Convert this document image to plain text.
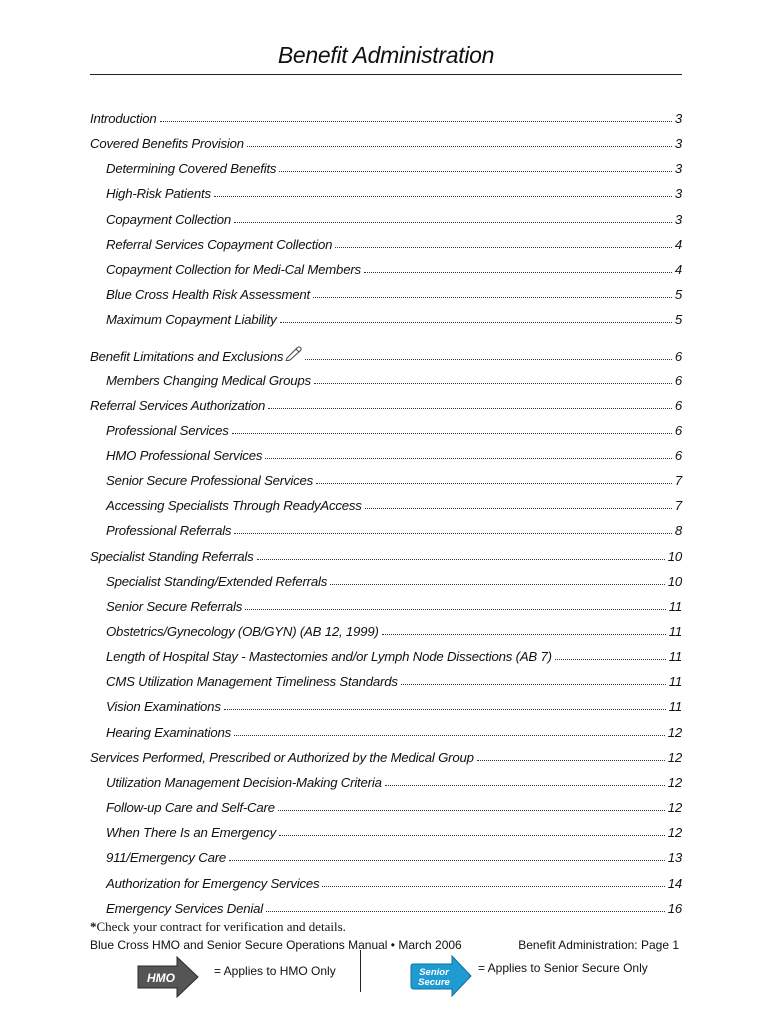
Benefit Administration
Introduction	3
Covered Benefits Provision	3
Determining Covered Benefits	3
High-Risk Patients	3
Copayment Collection	3
Referral Services Copayment Collection	4
Copayment Collection for Medi-Cal Members	4
Blue Cross Health Risk Assessment	5
Maximum Copayment Liability	5
Benefit Limitations and Exclusions	6
Members Changing Medical Groups	6
Referral Services Authorization	6
Professional Services	6
HMO Professional Services	6
Senior Secure Professional Services	7
Accessing Specialists Through ReadyAccess	7
Professional Referrals	8
Specialist Standing Referrals	10
Specialist Standing/Extended Referrals	10
Senior Secure Referrals	11
Obstetrics/Gynecology (OB/GYN) (AB 12, 1999)	11
Length of Hospital Stay - Mastectomies and/or Lymph Node Dissections (AB 7)	11
CMS Utilization Management Timeliness Standards	11
Vision Examinations	11
Hearing Examinations	12
Services Performed, Prescribed or Authorized by the Medical Group	12
Utilization Management Decision-Making Criteria	12
Follow-up Care and Self-Care	12
When There Is an Emergency	12
911/Emergency Care	13
Authorization for Emergency Services	14
Emergency Services Denial	16
*Check your contract for verification and details.
Blue Cross HMO and Senior Secure Operations Manual • March 2006	Benefit Administration: Page 1
HMO	= Applies to HMO Only	Senior
Secure
= Applies to Senior Secure Only
